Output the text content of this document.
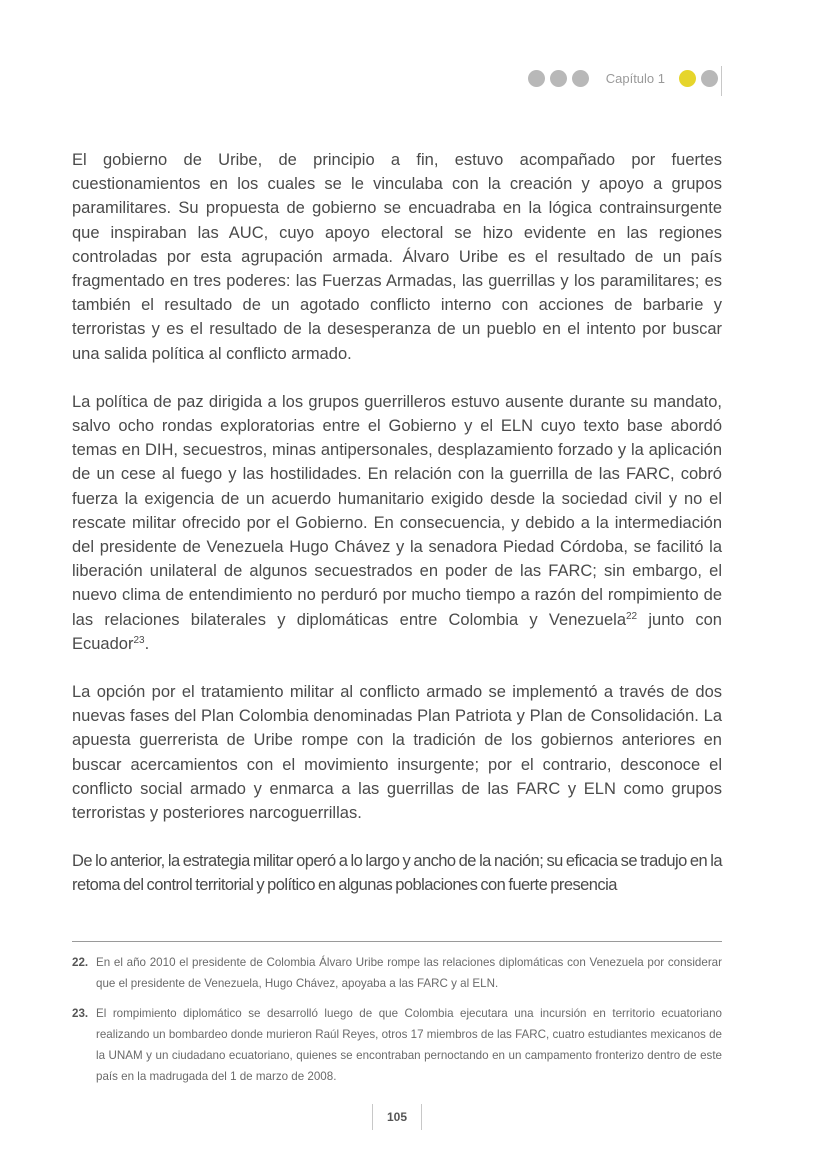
Capítulo 1

El gobierno de Uribe, de principio a fin, estuvo acompañado por fuertes cuestionamientos en los cuales se le vinculaba con la creación y apoyo a grupos paramilitares. Su propuesta de gobierno se encuadraba en la lógica contrainsurgente que inspiraban las AUC, cuyo apoyo electoral se hizo evidente en las regiones controladas por esta agrupación armada. Álvaro Uribe es el resultado de un país fragmentado en tres poderes: las Fuerzas Armadas, las guerrillas y los paramilitares; es también el resultado de un agotado conflicto interno con acciones de barbarie y terroristas y es el resultado de la desesperanza de un pueblo en el intento por buscar una salida política al conflicto armado.

La política de paz dirigida a los grupos guerrilleros estuvo ausente durante su mandato, salvo ocho rondas exploratorias entre el Gobierno y el ELN cuyo texto base abordó temas en DIH, secuestros, minas antipersonales, desplazamiento forzado y la aplicación de un cese al fuego y las hostilidades. En relación con la guerrilla de las FARC, cobró fuerza la exigencia de un acuerdo humanitario exigido desde la sociedad civil y no el rescate militar ofrecido por el Gobierno. En consecuencia, y debido a la intermediación del presidente de Venezuela Hugo Chávez y la senadora Piedad Córdoba, se facilitó la liberación unilateral de algunos secuestrados en poder de las FARC; sin embargo, el nuevo clima de entendimiento no perduró por mucho tiempo a razón del rompimiento de las relaciones bilaterales y diplomáticas entre Colombia y Venezuela$^{22}$ junto con Ecuador$^{23}$.

La opción por el tratamiento militar al conflicto armado se implementó a través de dos nuevas fases del Plan Colombia denominadas Plan Patriota y Plan de Consolidación. La apuesta guerrerista de Uribe rompe con la tradición de los gobiernos anteriores en buscar acercamientos con el movimiento insurgente; por el contrario, desconoce el conflicto social armado y enmarca a las guerrillas de las FARC y ELN como grupos terroristas y posteriores narcoguerrillas.

De lo anterior, la estrategia militar operó a lo largo y ancho de la nación; su eficacia se tradujo en la retoma del control territorial y político en algunas poblaciones con fuerte presencia

22. En el año 2010 el presidente de Colombia Álvaro Uribe rompe las relaciones diplomáticas con Venezuela por considerar que el presidente de Venezuela, Hugo Chávez, apoyaba a las FARC y al ELN.
23. El rompimiento diplomático se desarrolló luego de que Colombia ejecutara una incursión en territorio ecuatoriano realizando un bombardeo donde murieron Raúl Reyes, otros 17 miembros de las FARC, cuatro estudiantes mexicanos de la UNAM y un ciudadano ecuatoriano, quienes se encontraban pernoctando en un campamento fronterizo dentro de este país en la madrugada del 1 de marzo de 2008.
105
